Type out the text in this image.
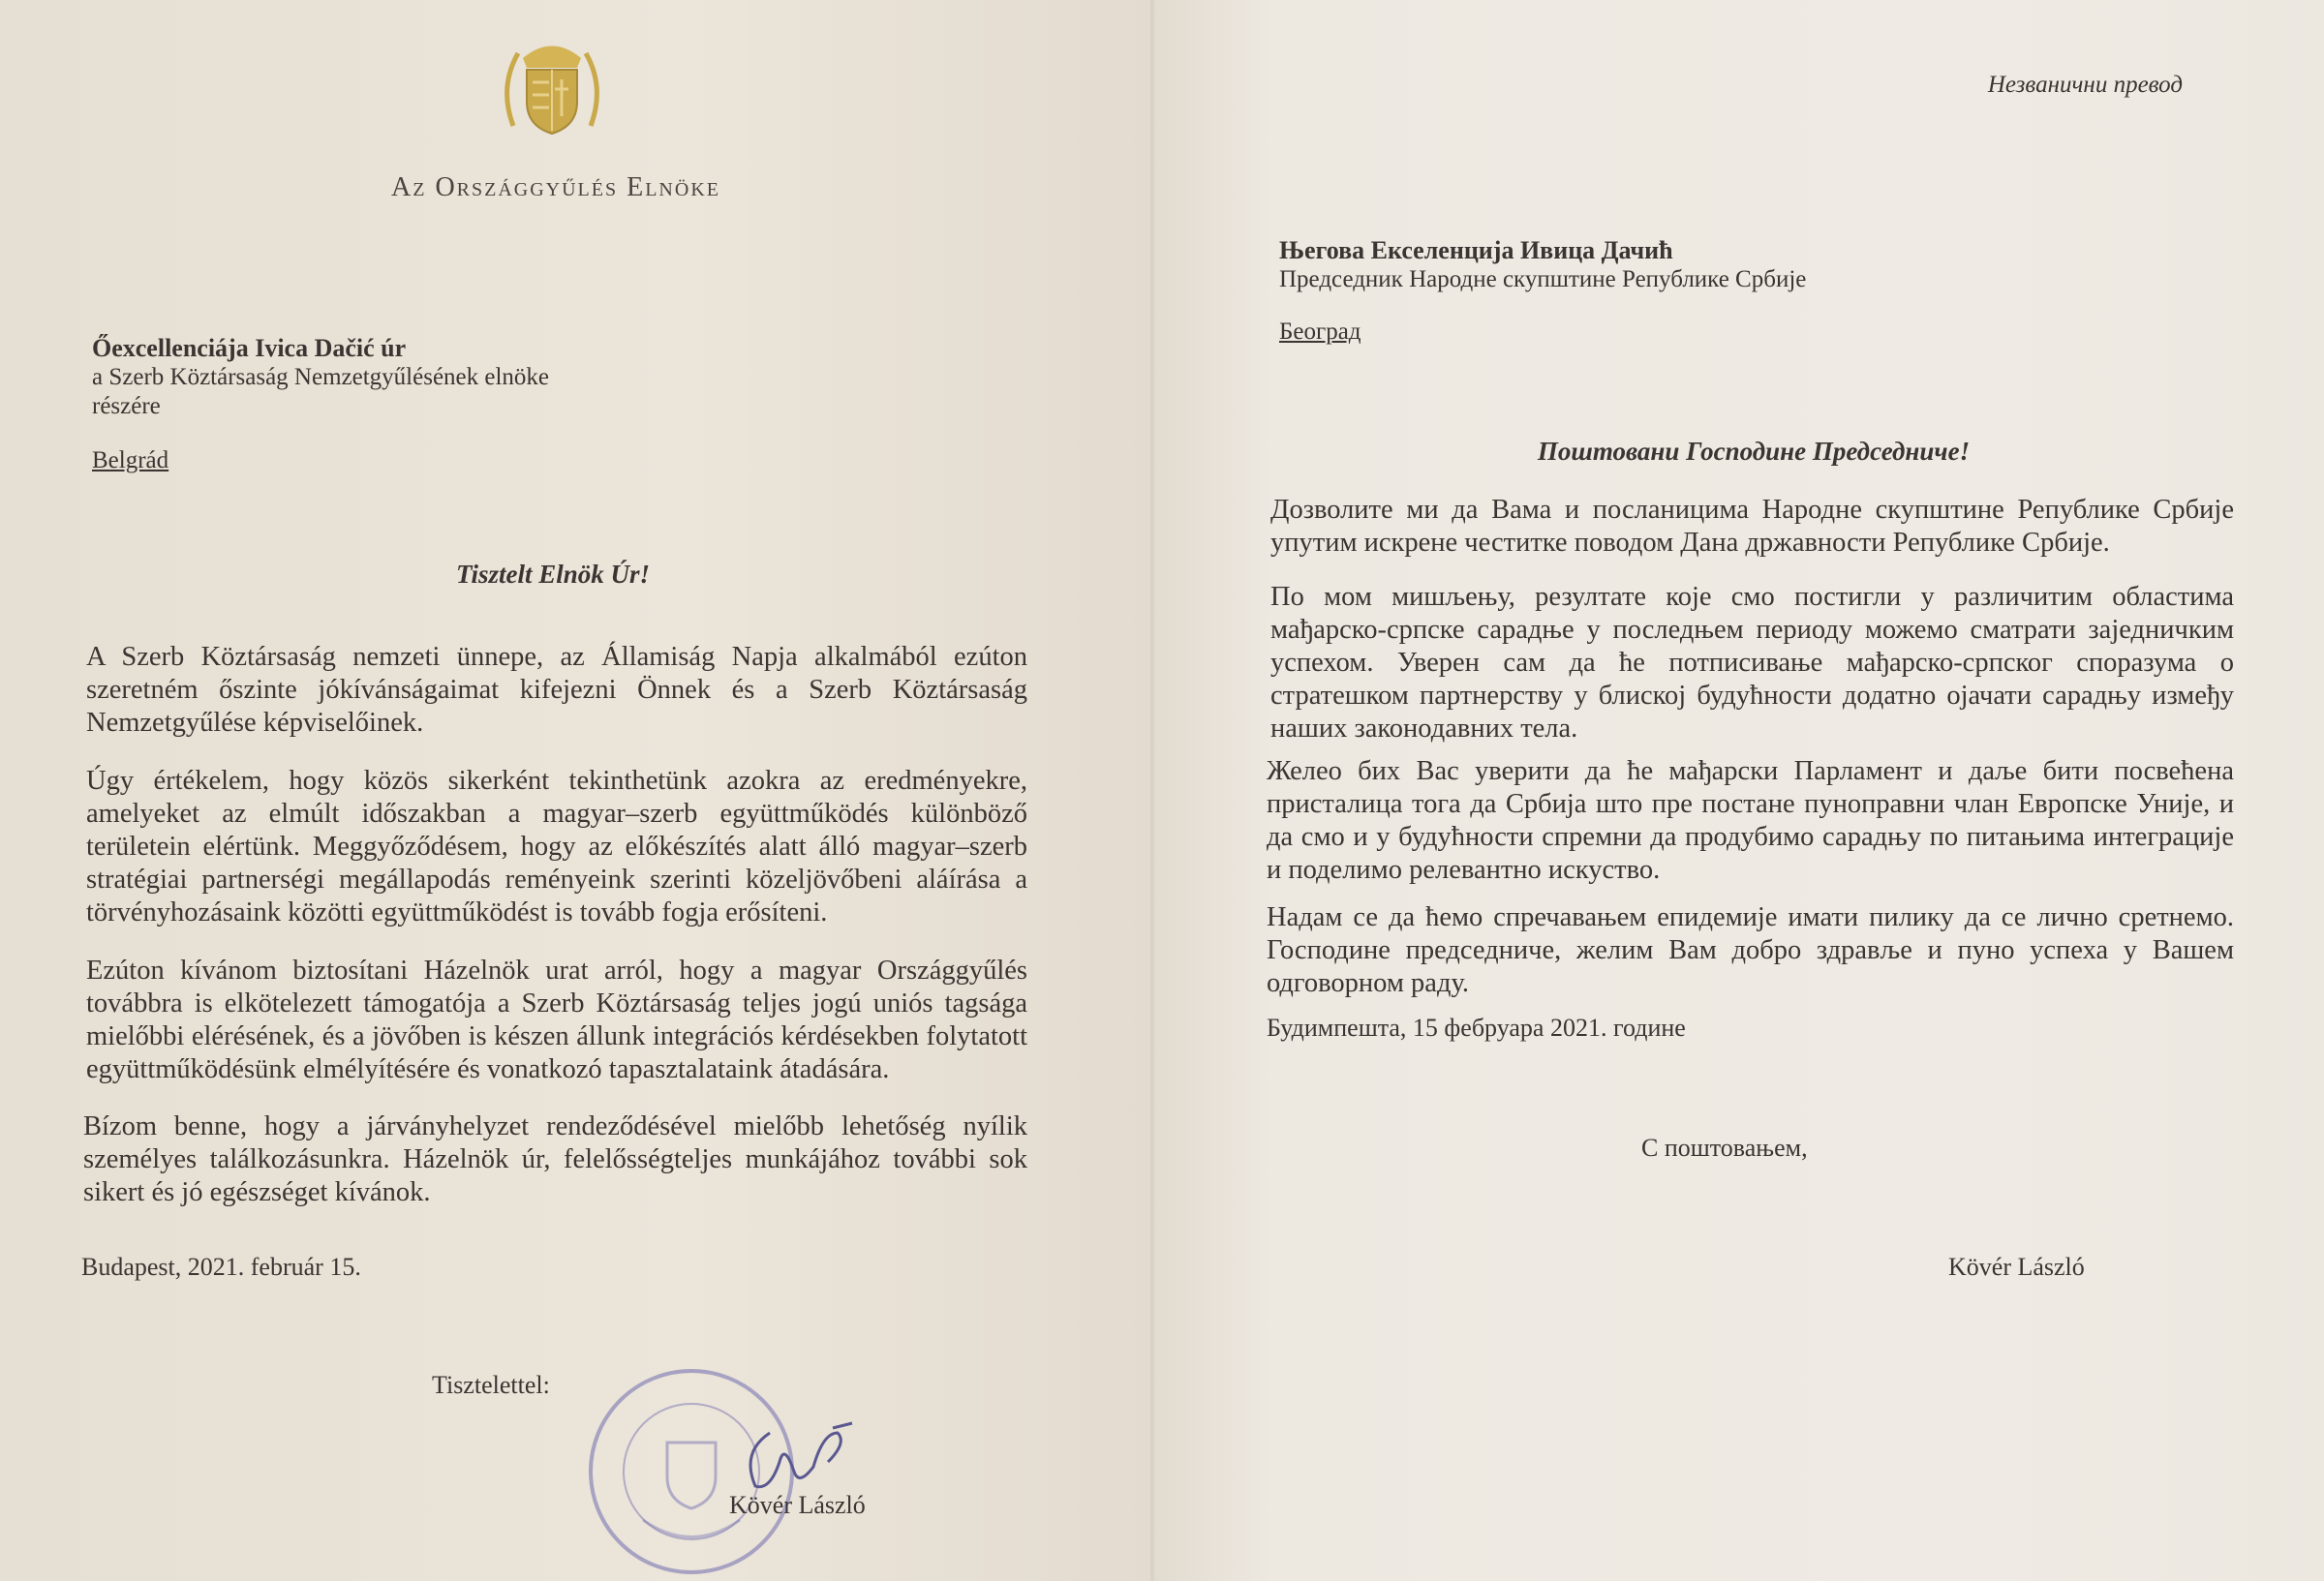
Az Országgyűlés Elnöke

Őexcellenciája Ivica Dačić úr
a Szerb Köztársaság Nemzetgyűlésének elnöke
részére
Belgrád
Tisztelt Elnök Úr!

A Szerb Köztársaság nemzeti ünnepe, az Államiság Napja alkalmából ezúton szeretném őszinte jókívánságaimat kifejezni Önnek és a Szerb Köztársaság Nemzetgyűlése képviselőinek.

Úgy értékelem, hogy közös sikerként tekinthetünk azokra az eredményekre, amelyeket az elmúlt időszakban a magyar–szerb együttműködés különböző területein elértünk. Meggyőződésem, hogy az előkészítés alatt álló magyar–szerb stratégiai partnerségi megállapodás reményeink szerinti közeljövőbeni aláírása a törvényhozásaink közötti együttműködést is tovább fogja erősíteni.

Ezúton kívánom biztosítani Házelnök urat arról, hogy a magyar Országgyűlés továbbra is elkötelezett támogatója a Szerb Köztársaság teljes jogú uniós tagsága mielőbbi elérésének, és a jövőben is készen állunk integrációs kérdésekben folytatott együttműködésünk elmélyítésére és vonatkozó tapasztalataink átadására.

Bízom benne, hogy a járványhelyzet rendeződésével mielőbb lehetőség nyílik személyes találkozásunkra. Házelnök úr, felelősségteljes munkájához további sok sikert és jó egészséget kívánok.

Budapest, 2021. február 15.
Tisztelettel:
Kövér László
Незванични превод
Његова Екселенција Ивица Дачић
Председник Народне скупштине Републике Србије
Београд
Поштовани Господине Председниче!

Дозволите ми да Вама и посланицима Народне скупштине Републике Србије упутим искрене честитке поводом Дана државности Републике Србије.

По мом мишљењу, резултате које смо постигли у различитим областима мађарско-српске сарадње у последњем периоду можемо сматрати заједничким успехом. Уверен сам да ће потписивање мађарско-српског споразума о стратешком партнерству у блиској будућности додатно ојачати сарадњу између наших законодавних тела.

Желео бих Вас уверити да ће мађарски Парламент и даље бити посвећена присталица тога да Србија што пре постане пуноправни члан Европске Уније, и да смо и у будућности спремни да продубимо сарадњу по питањима интеграције и поделимо релевантно искуство.

Надам се да ћемо спречавањем епидемије имати пилику да се лично сретнемо. Господине председниче, желим Вам добро здравље и пуно успеха у Вашем одговорном раду.

Будимпешта, 15 фебруара 2021. године
С поштовањем,
Kövér László
